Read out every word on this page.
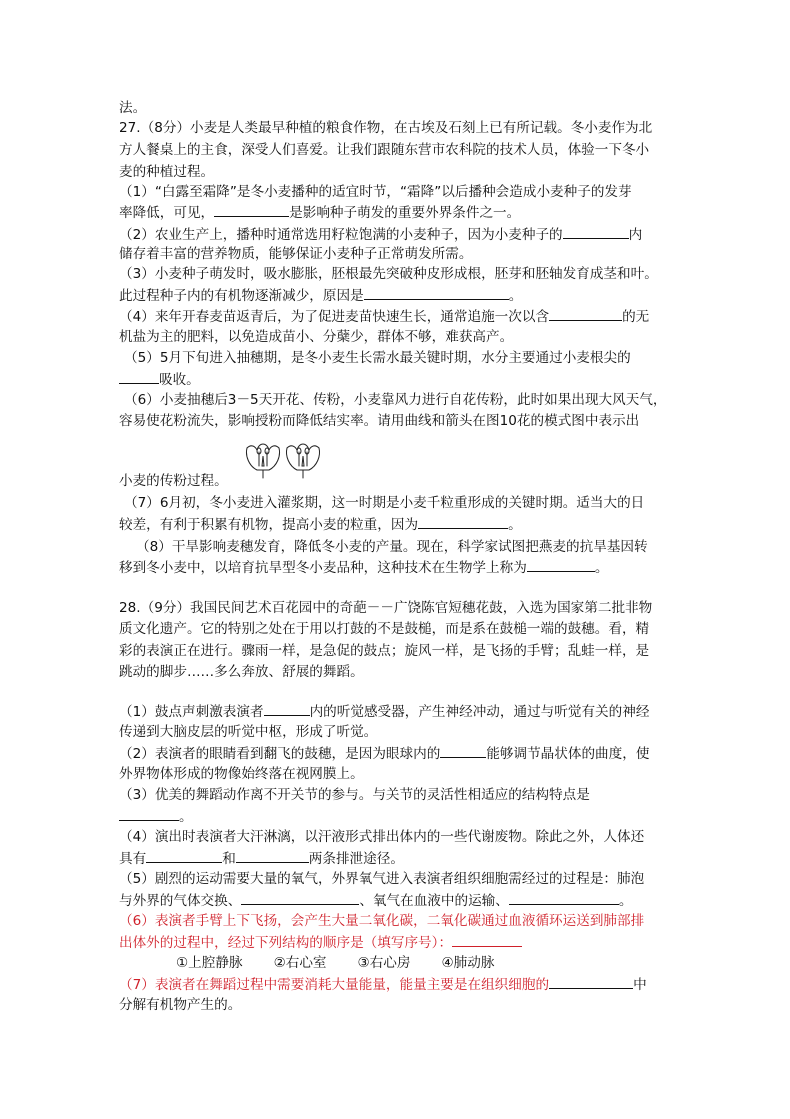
法。
27.（8分）小麦是人类最早种植的粮食作物，在古埃及石刻上已有所记载。冬小麦作为北
方人餐桌上的主食，深受人们喜爱。让我们跟随东营市农科院的技术人员，体验一下冬小
麦的种植过程。
（1）“白露至霜降”是冬小麦播种的适宜时节，“霜降”以后播种会造成小麦种子的发芽
率降低，可见，	是影响种子萌发的重要外界条件之一。
（2）农业生产上，播种时通常选用籽粒饱满的小麦种子，因为小麦种子的	内
储存着丰富的营养物质，能够保证小麦种子正常萌发所需。
（3）小麦种子萌发时，吸水膨胀，胚根最先突破种皮形成根，胚芽和胚轴发育成茎和叶。
此过程种子内的有机物逐渐减少，原因是	。
（4）来年开春麦苗返青后，为了促进麦苗快速生长，通常追施一次以含	的无
机盐为主的肥料，以免造成苗小、分蘖少，群体不够，难获高产。
（5）5月下旬进入抽穗期，是冬小麦生长需水最关键时期，水分主要通过小麦根尖的
吸收。
（6）小麦抽穗后3－5天开花、传粉，小麦靠风力进行自花传粉，此时如果出现大风天气，
容易使花粉流失，影响授粉而降低结实率。请用曲线和箭头在图10花的模式图中表示出
小麦的传粉过程。
（7）6月初，冬小麦进入灌浆期，这一时期是小麦千粒重形成的关键时期。适当大的日
较差，有利于积累有机物，提高小麦的粒重，因为	。
（8）干旱影响麦穗发育，降低冬小麦的产量。现在，科学家试图把燕麦的抗旱基因转
移到冬小麦中，以培育抗旱型冬小麦品种，这种技术在生物学上称为	。
28.（9分）我国民间艺术百花园中的奇葩－－广饶陈官短穗花鼓，入选为国家第二批非物
质文化遗产。它的特别之处在于用以打鼓的不是鼓槌，而是系在鼓槌一端的鼓穗。看，精
彩的表演正在进行。骤雨一样，是急促的鼓点；旋风一样，是飞扬的手臂；乱蛙一样，是
跳动的脚步……多么奔放、舒展的舞蹈。
（1）鼓点声刺激表演者	内的听觉感受器，产生神经冲动，通过与听觉有关的神经
传递到大脑皮层的听觉中枢，形成了听觉。
（2）表演者的眼睛看到翻飞的鼓穗，是因为眼球内的	能够调节晶状体的曲度，使
外界物体形成的物像始终落在视网膜上。
（3）优美的舞蹈动作离不开关节的参与。与关节的灵活性相适应的结构特点是
。
（4）演出时表演者大汗淋漓，以汗液形式排出体内的一些代谢废物。除此之外，人体还
具有	和	两条排泄途径。
（5）剧烈的运动需要大量的氧气，外界氧气进入表演者组织细胞需经过的过程是：肺泡
与外界的气体交换、	、氧气在血液中的运输、	。
（6）表演者手臂上下飞扬，会产生大量二氧化碳，二氧化碳通过血液循环运送到肺部排
出体外的过程中，经过下列结构的顺序是（填写序号）：
①上腔静脉 ②右心室 ③右心房 ④肺动脉
（7）表演者在舞蹈过程中需要消耗大量能量，能量主要是在组织细胞的	中
分解有机物产生的。
